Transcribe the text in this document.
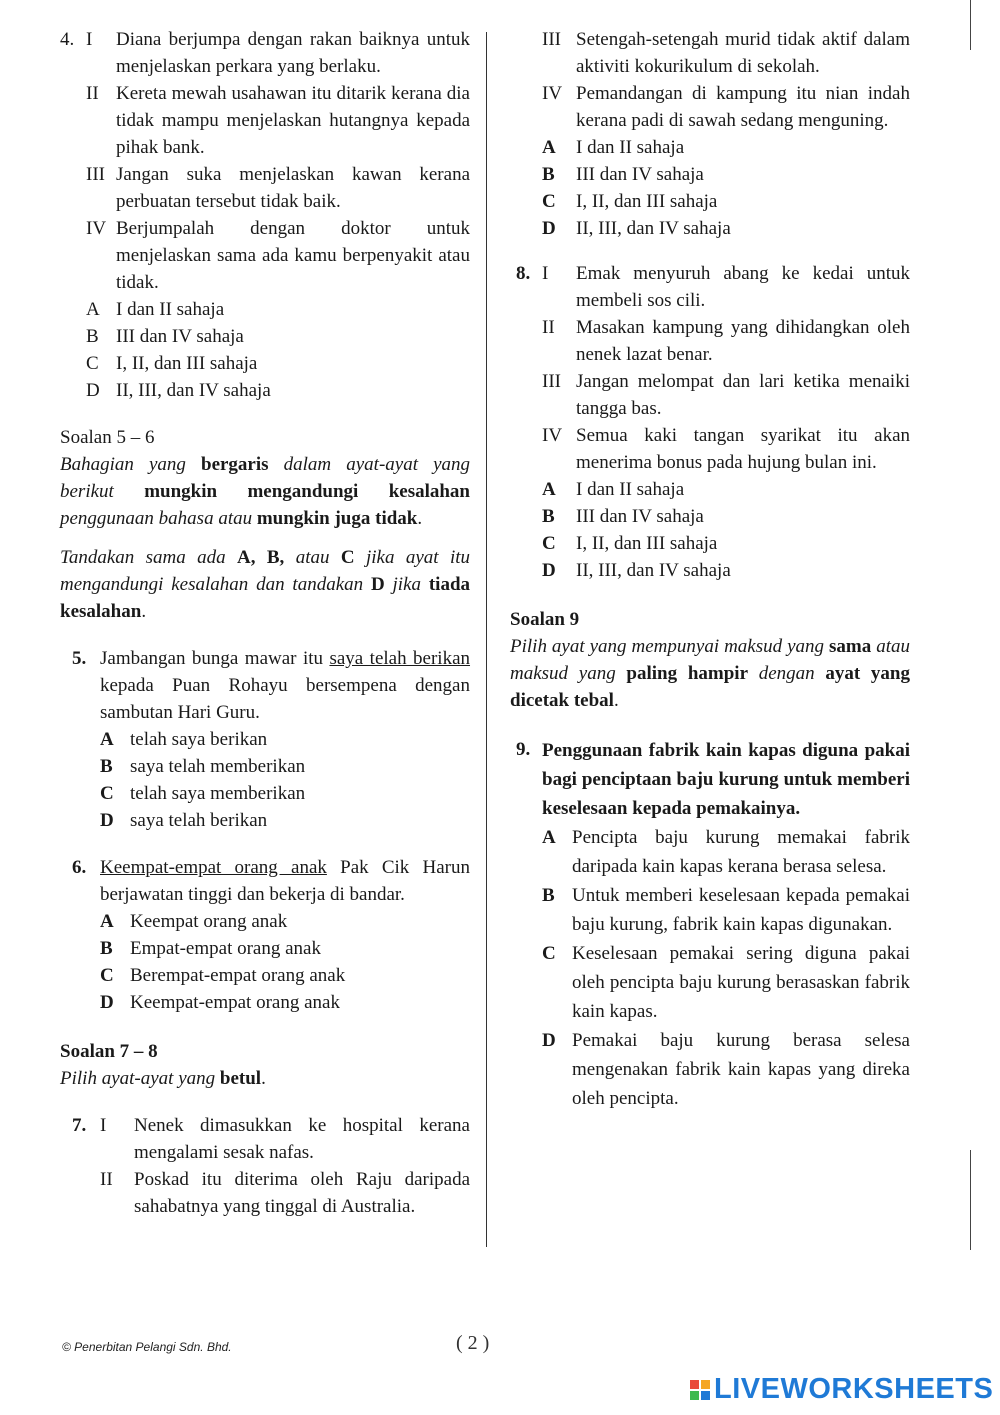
4. I	Diana berjumpa dengan rakan baiknya untuk menjelaskan perkara yang berlaku.
II Kereta mewah usahawan itu ditarik kerana dia tidak mampu menjelaskan hutangnya kepada pihak bank.
III Jangan suka menjelaskan kawan kerana perbuatan tersebut tidak baik.
IV Berjumpalah dengan doktor untuk menjelaskan sama ada kamu berpenyakit atau tidak.
A I dan II sahaja
B III dan IV sahaja
C I, II, dan III sahaja
D II, III, dan IV sahaja
Soalan 5 – 6
Bahagian yang bergaris dalam ayat-ayat yang berikut mungkin mengandungi kesalahan penggunaan bahasa atau mungkin juga tidak.
Tandakan sama ada A, B, atau C jika ayat itu mengandungi kesalahan dan tandakan D jika tiada kesalahan.
5. Jambangan bunga mawar itu saya telah berikan kepada Puan Rohayu bersempena dengan sambutan Hari Guru.
A telah saya berikan
B saya telah memberikan
C telah saya memberikan
D saya telah berikan
6. Keempat-empat orang anak Pak Cik Harun berjawatan tinggi dan bekerja di bandar.
A Keempat orang anak
B Empat-empat orang anak
C Berempat-empat orang anak
D Keempat-empat orang anak
Soalan 7 – 8
Pilih ayat-ayat yang betul.
7. I	Nenek dimasukkan ke hospital kerana mengalami sesak nafas.
II	Poskad itu diterima oleh Raju daripada sahabatnya yang tinggal di Australia.
III Setengah-setengah murid tidak aktif dalam aktiviti kokurikulum di sekolah.
IV Pemandangan di kampung itu nian indah kerana padi di sawah sedang menguning.
A	I dan II sahaja
B	III dan IV sahaja
C	I, II, dan III sahaja
D	II, III, dan IV sahaja
8. I	Emak menyuruh abang ke kedai untuk membeli sos cili.
II	Masakan kampung yang dihidangkan oleh nenek lazat benar.
III Jangan melompat dan lari ketika menaiki tangga bas.
IV Semua kaki tangan syarikat itu akan menerima bonus pada hujung bulan ini.
A	I dan II sahaja
B	III dan IV sahaja
C	I, II, dan III sahaja
D	II, III, dan IV sahaja
Soalan 9
Pilih ayat yang mempunyai maksud yang sama atau maksud yang paling hampir dengan ayat yang dicetak tebal.
9. Penggunaan fabrik kain kapas diguna pakai bagi penciptaan baju kurung untuk memberi keselesaan kepada pemakainya.
A Pencipta baju kurung memakai fabrik daripada kain kapas kerana berasa selesa.
B Untuk memberi keselesaan kepada pemakai baju kurung, fabrik kain kapas digunakan.
C Keselesaan pemakai sering diguna pakai oleh pencipta baju kurung berasaskan fabrik kain kapas.
D Pemakai baju kurung berasa selesa mengenakan fabrik kain kapas yang direka oleh pencipta.
© Penerbitan Pelangi Sdn. Bhd.	( 2 )
LIVE WORKSHEETS
